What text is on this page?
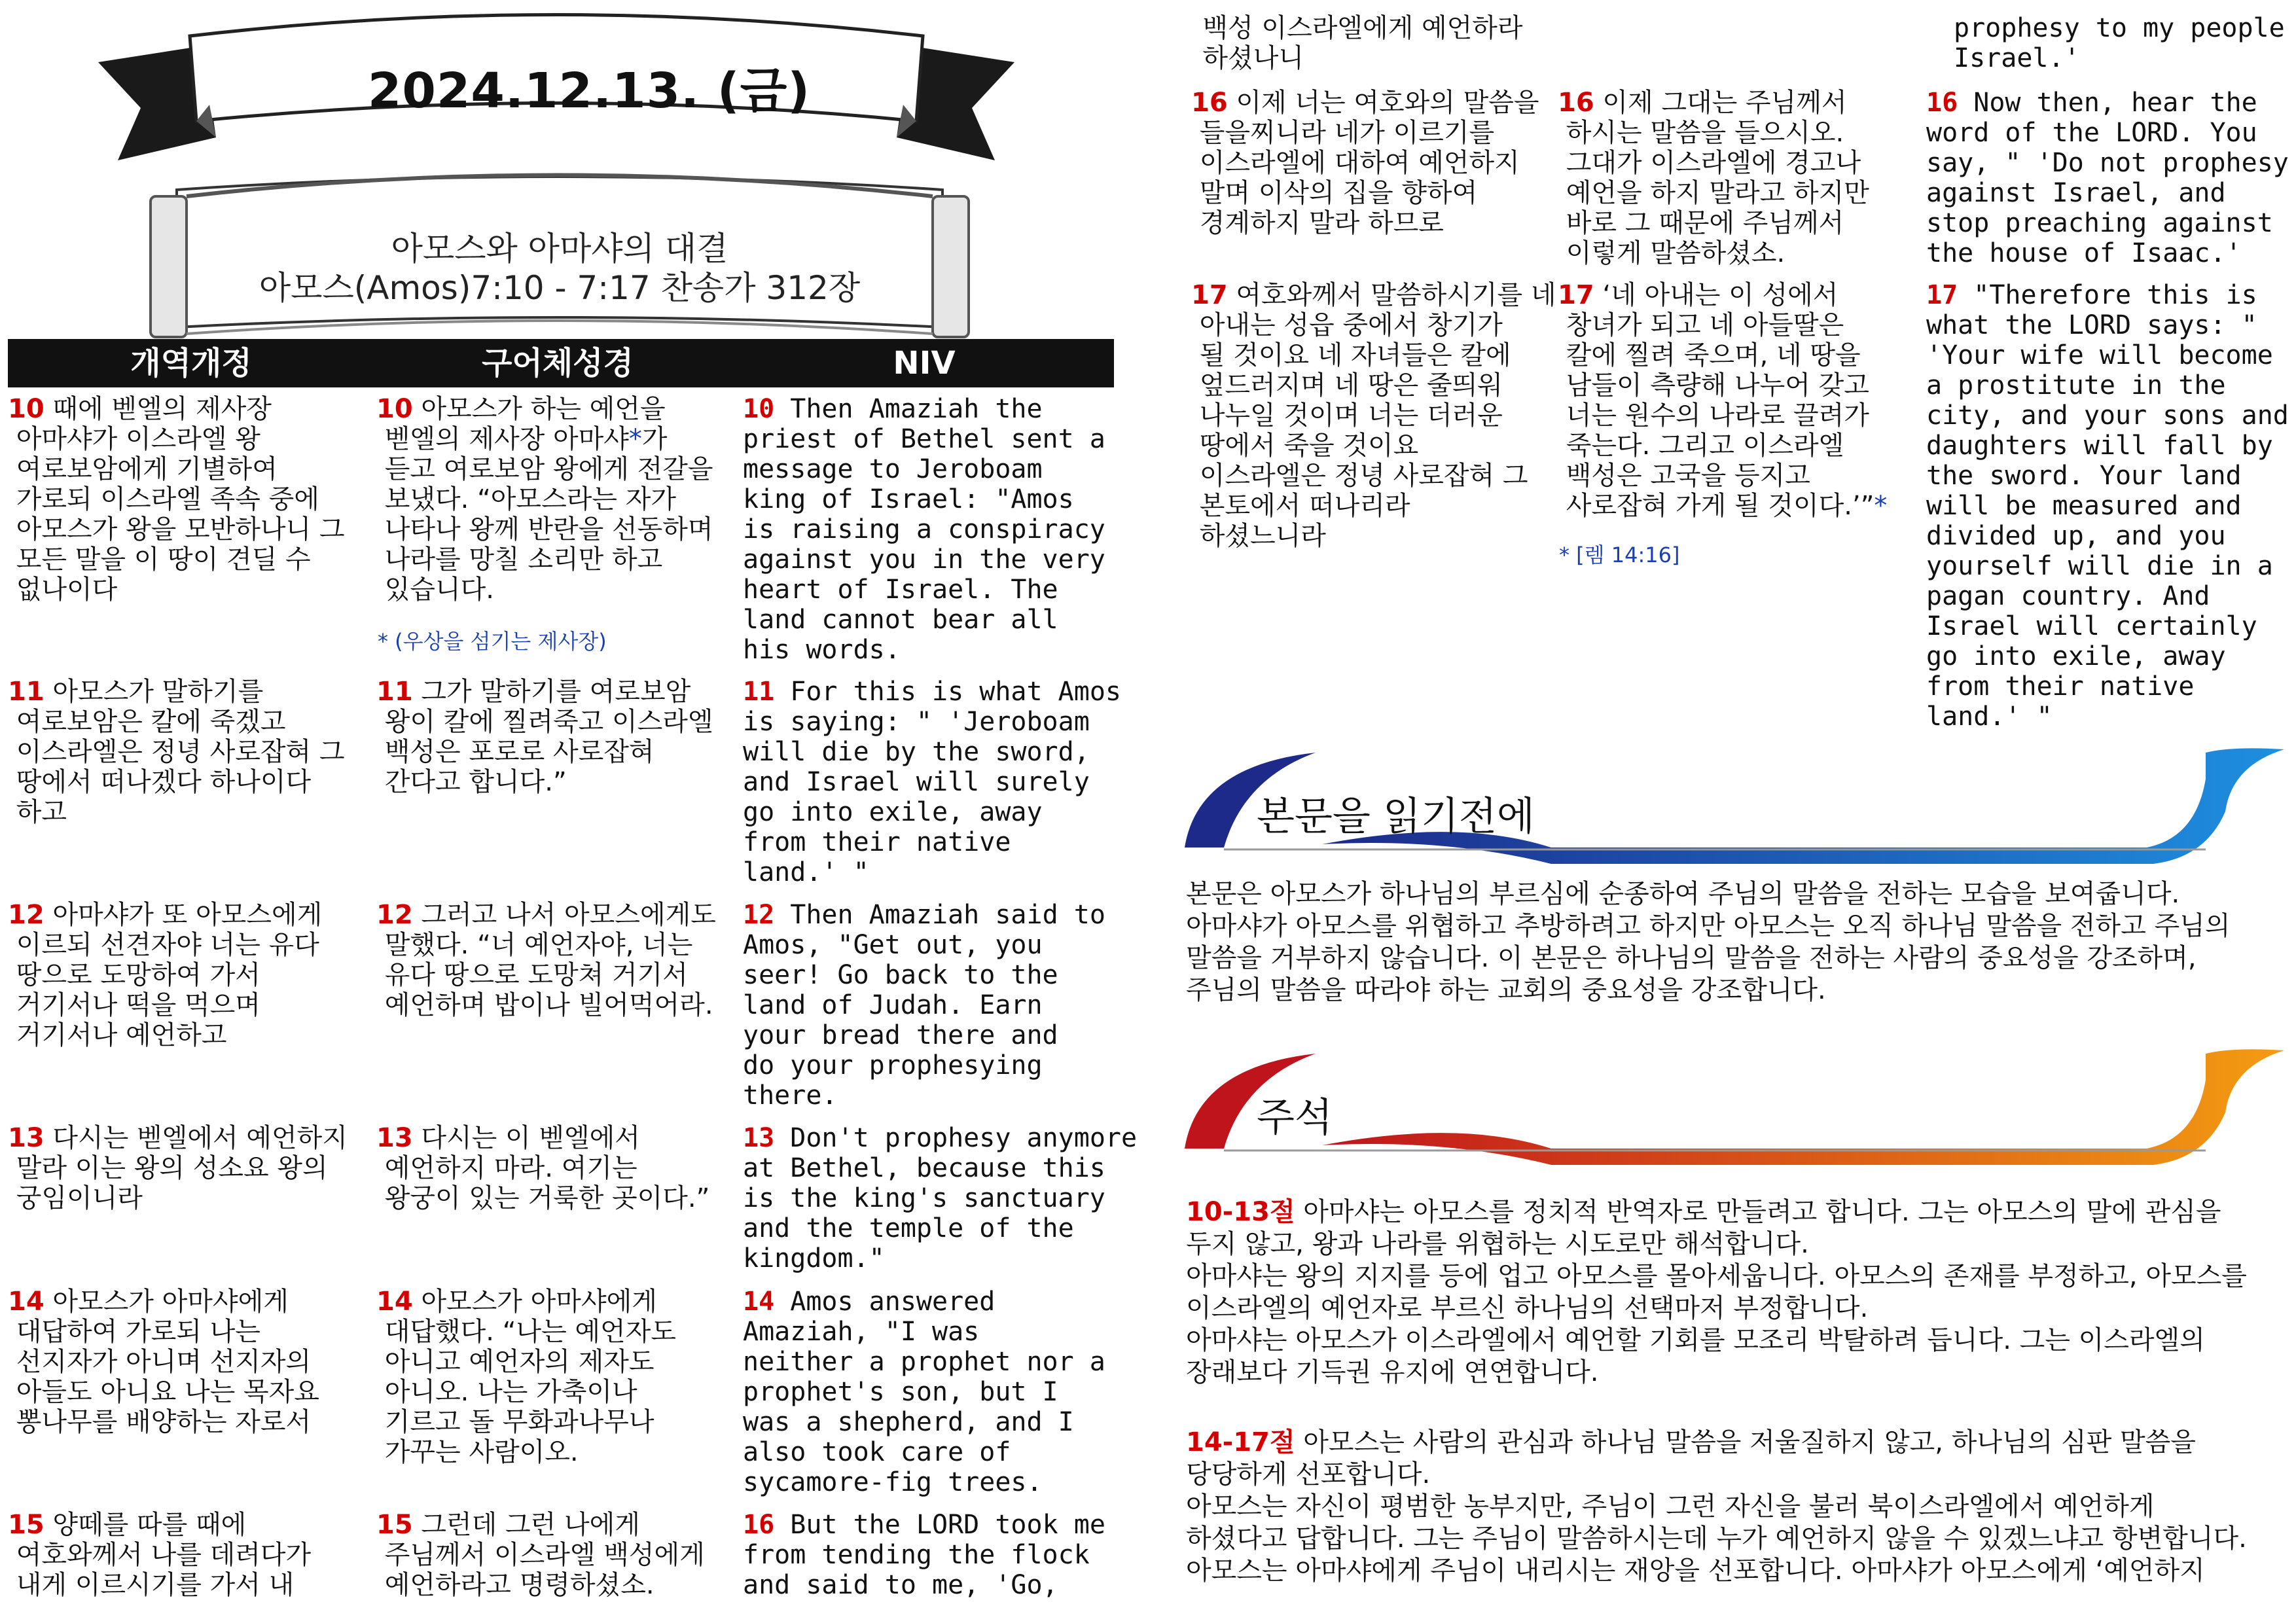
2024.12.13. (금)
아모스와 아마샤의 대결
아모스(Amos)7:10 - 7:17 찬송가 312장
개역개정	구어체성경	NIV
10 때에 벧엘의 제사장
아마샤가 이스라엘 왕
여로보암에게 기별하여
가로되 이스라엘 족속 중에
아모스가 왕을 모반하나니 그
모든 말을 이 땅이 견딜 수
없나이다
10 아모스가 하는 예언을
벧엘의 제사장 아마샤*가
듣고 여로보암 왕에게 전갈을
보냈다. “아모스라는 자가
나타나 왕께 반란을 선동하며
나라를 망칠 소리만 하고
있습니다.
* (우상을 섬기는 제사장)
10 Then Amaziah the
priest of Bethel sent a
message to Jeroboam
king of Israel: "Amos
is raising a conspiracy
against you in the very
heart of Israel. The
land cannot bear all
his words.
11 아모스가 말하기를
여로보암은 칼에 죽겠고
이스라엘은 정녕 사로잡혀 그
땅에서 떠나겠다 하나이다
하고
11 그가 말하기를 여로보암
왕이 칼에 찔려죽고 이스라엘
백성은 포로로 사로잡혀
간다고 합니다.”
11 For this is what Amos
is saying: " 'Jeroboam
will die by the sword,
and Israel will surely
go into exile, away
from their native
land.' "
12 아마샤가 또 아모스에게
이르되 선견자야 너는 유다
땅으로 도망하여 가서
거기서나 떡을 먹으며
거기서나 예언하고
12 그러고 나서 아모스에게도
말했다. “너 예언자야, 너는
유다 땅으로 도망쳐 거기서
예언하며 밥이나 빌어먹어라.
12 Then Amaziah said to
Amos, "Get out, you
seer! Go back to the
land of Judah. Earn
your bread there and
do your prophesying
there.
13 다시는 벧엘에서 예언하지
말라 이는 왕의 성소요 왕의
궁임이니라
13 다시는 이 벧엘에서
예언하지 마라. 여기는
왕궁이 있는 거룩한 곳이다.”
13 Don't prophesy anymore
at Bethel, because this
is the king's sanctuary
and the temple of the
kingdom."
14 아모스가 아마샤에게
대답하여 가로되 나는
선지자가 아니며 선지자의
아들도 아니요 나는 목자요
뽕나무를 배양하는 자로서
14 아모스가 아마샤에게
대답했다. “나는 예언자도
아니고 예언자의 제자도
아니오. 나는 가축이나
기르고 돌 무화과나무나
가꾸는 사람이오.
14 Amos answered
Amaziah, "I was
neither a prophet nor a
prophet's son, but I
was a shepherd, and I
also took care of
sycamore-fig trees.
15 양떼를 따를 때에
여호와께서 나를 데려다가
내게 이르시기를 가서 내
15 그런데 그런 나에게
주님께서 이스라엘 백성에게
예언하라고 명령하셨소.
16 But the LORD took me
from tending the flock
and said to me, 'Go,
백성 이스라엘에게 예언하라
하셨나니
prophesy to my people
Israel.'
16 이제 너는 여호와의 말씀을
들을찌니라 네가 이르기를
이스라엘에 대하여 예언하지
말며 이삭의 집을 향하여
경계하지 말라 하므로
16 이제 그대는 주님께서
하시는 말씀을 들으시오.
그대가 이스라엘에 경고나
예언을 하지 말라고 하지만
바로 그 때문에 주님께서
이렇게 말씀하셨소.
16 Now then, hear the
word of the LORD. You
say, " 'Do not prophesy
against Israel, and
stop preaching against
the house of Isaac.'
17 여호와께서 말씀하시기를 네
아내는 성읍 중에서 창기가
될 것이요 네 자녀들은 칼에
엎드러지며 네 땅은 줄띄워
나누일 것이며 너는 더러운
땅에서 죽을 것이요
이스라엘은 정녕 사로잡혀 그
본토에서 떠나리라
하셨느니라
17 ‘네 아내는 이 성에서
창녀가 되고 네 아들딸은
칼에 찔려 죽으며, 네 땅을
남들이 측량해 나누어 갖고
너는 원수의 나라로 끌려가
죽는다. 그리고 이스라엘
백성은 고국을 등지고
사로잡혀 가게 될 것이다.’”*
* [렘 14:16]
17 "Therefore this is
what the LORD says: "
'Your wife will become
a prostitute in the
city, and your sons and
daughters will fall by
the sword. Your land
will be measured and
divided up, and you
yourself will die in a
pagan country. And
Israel will certainly
go into exile, away
from their native
land.' "
본문을 읽기전에
본문은 아모스가 하나님의 부르심에 순종하여 주님의 말씀을 전하는 모습을 보여줍니다.
아마샤가 아모스를 위협하고 추방하려고 하지만 아모스는 오직 하나님 말씀을 전하고 주님의
말씀을 거부하지 않습니다. 이 본문은 하나님의 말씀을 전하는 사람의 중요성을 강조하며,
주님의 말씀을 따라야 하는 교회의 중요성을 강조합니다.
주석
10-13절 아마샤는 아모스를 정치적 반역자로 만들려고 합니다. 그는 아모스의 말에 관심을
두지 않고, 왕과 나라를 위협하는 시도로만 해석합니다.
아마샤는 왕의 지지를 등에 업고 아모스를 몰아세웁니다. 아모스의 존재를 부정하고, 아모스를
이스라엘의 예언자로 부르신 하나님의 선택마저 부정합니다.
아마샤는 아모스가 이스라엘에서 예언할 기회를 모조리 박탈하려 듭니다. 그는 이스라엘의
장래보다 기득권 유지에 연연합니다.
14-17절 아모스는 사람의 관심과 하나님 말씀을 저울질하지 않고, 하나님의 심판 말씀을
당당하게 선포합니다.
아모스는 자신이 평범한 농부지만, 주님이 그런 자신을 불러 북이스라엘에서 예언하게
하셨다고 답합니다. 그는 주님이 말씀하시는데 누가 예언하지 않을 수 있겠느냐고 항변합니다.
아모스는 아마샤에게 주님이 내리시는 재앙을 선포합니다. 아마샤가 아모스에게 ‘예언하지
